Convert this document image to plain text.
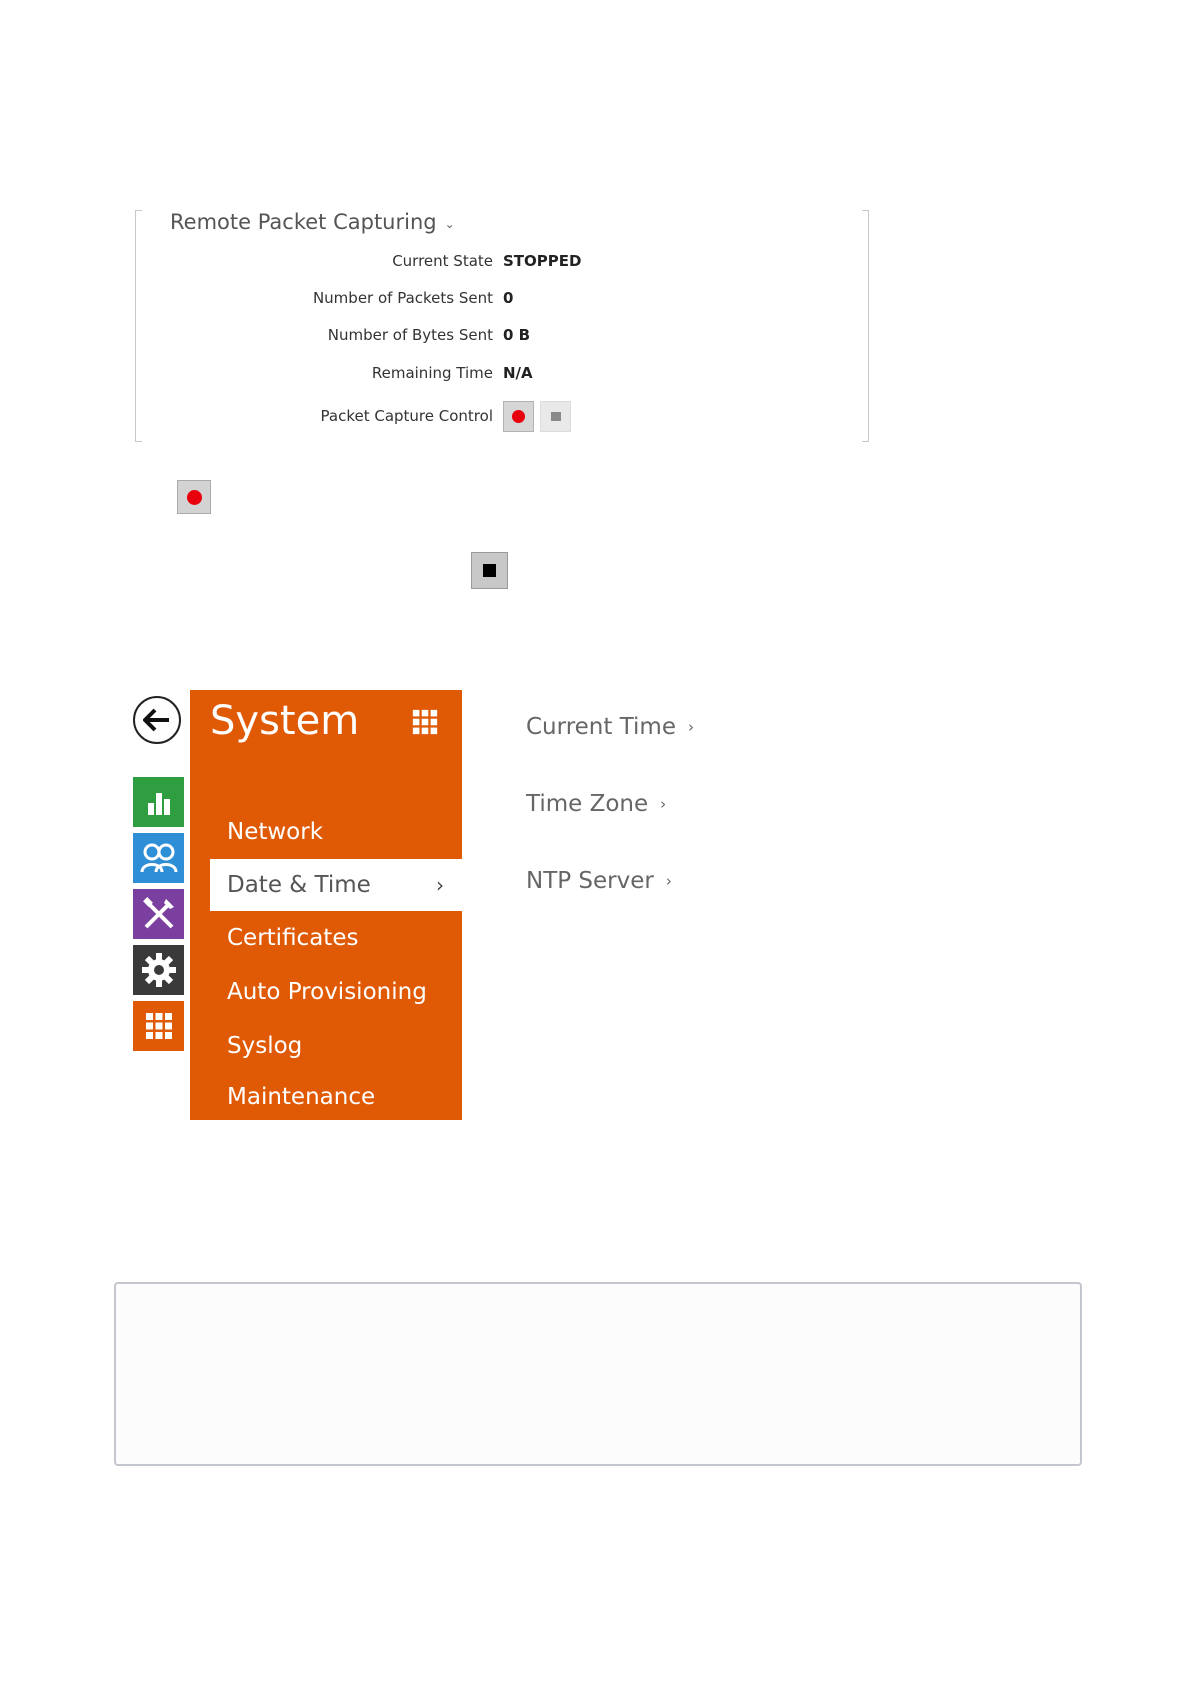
Remote Packet Capturing ⌄
Current State STOPPED
Number of Packets Sent 0
Number of Bytes Sent 0 B
Remaining Time N/A
Packet Capture Control
System
Network
Date & Time	›
Certificates
Auto Provisioning
Syslog
Maintenance
Current Time ›
Time Zone ›
NTP Server ›
